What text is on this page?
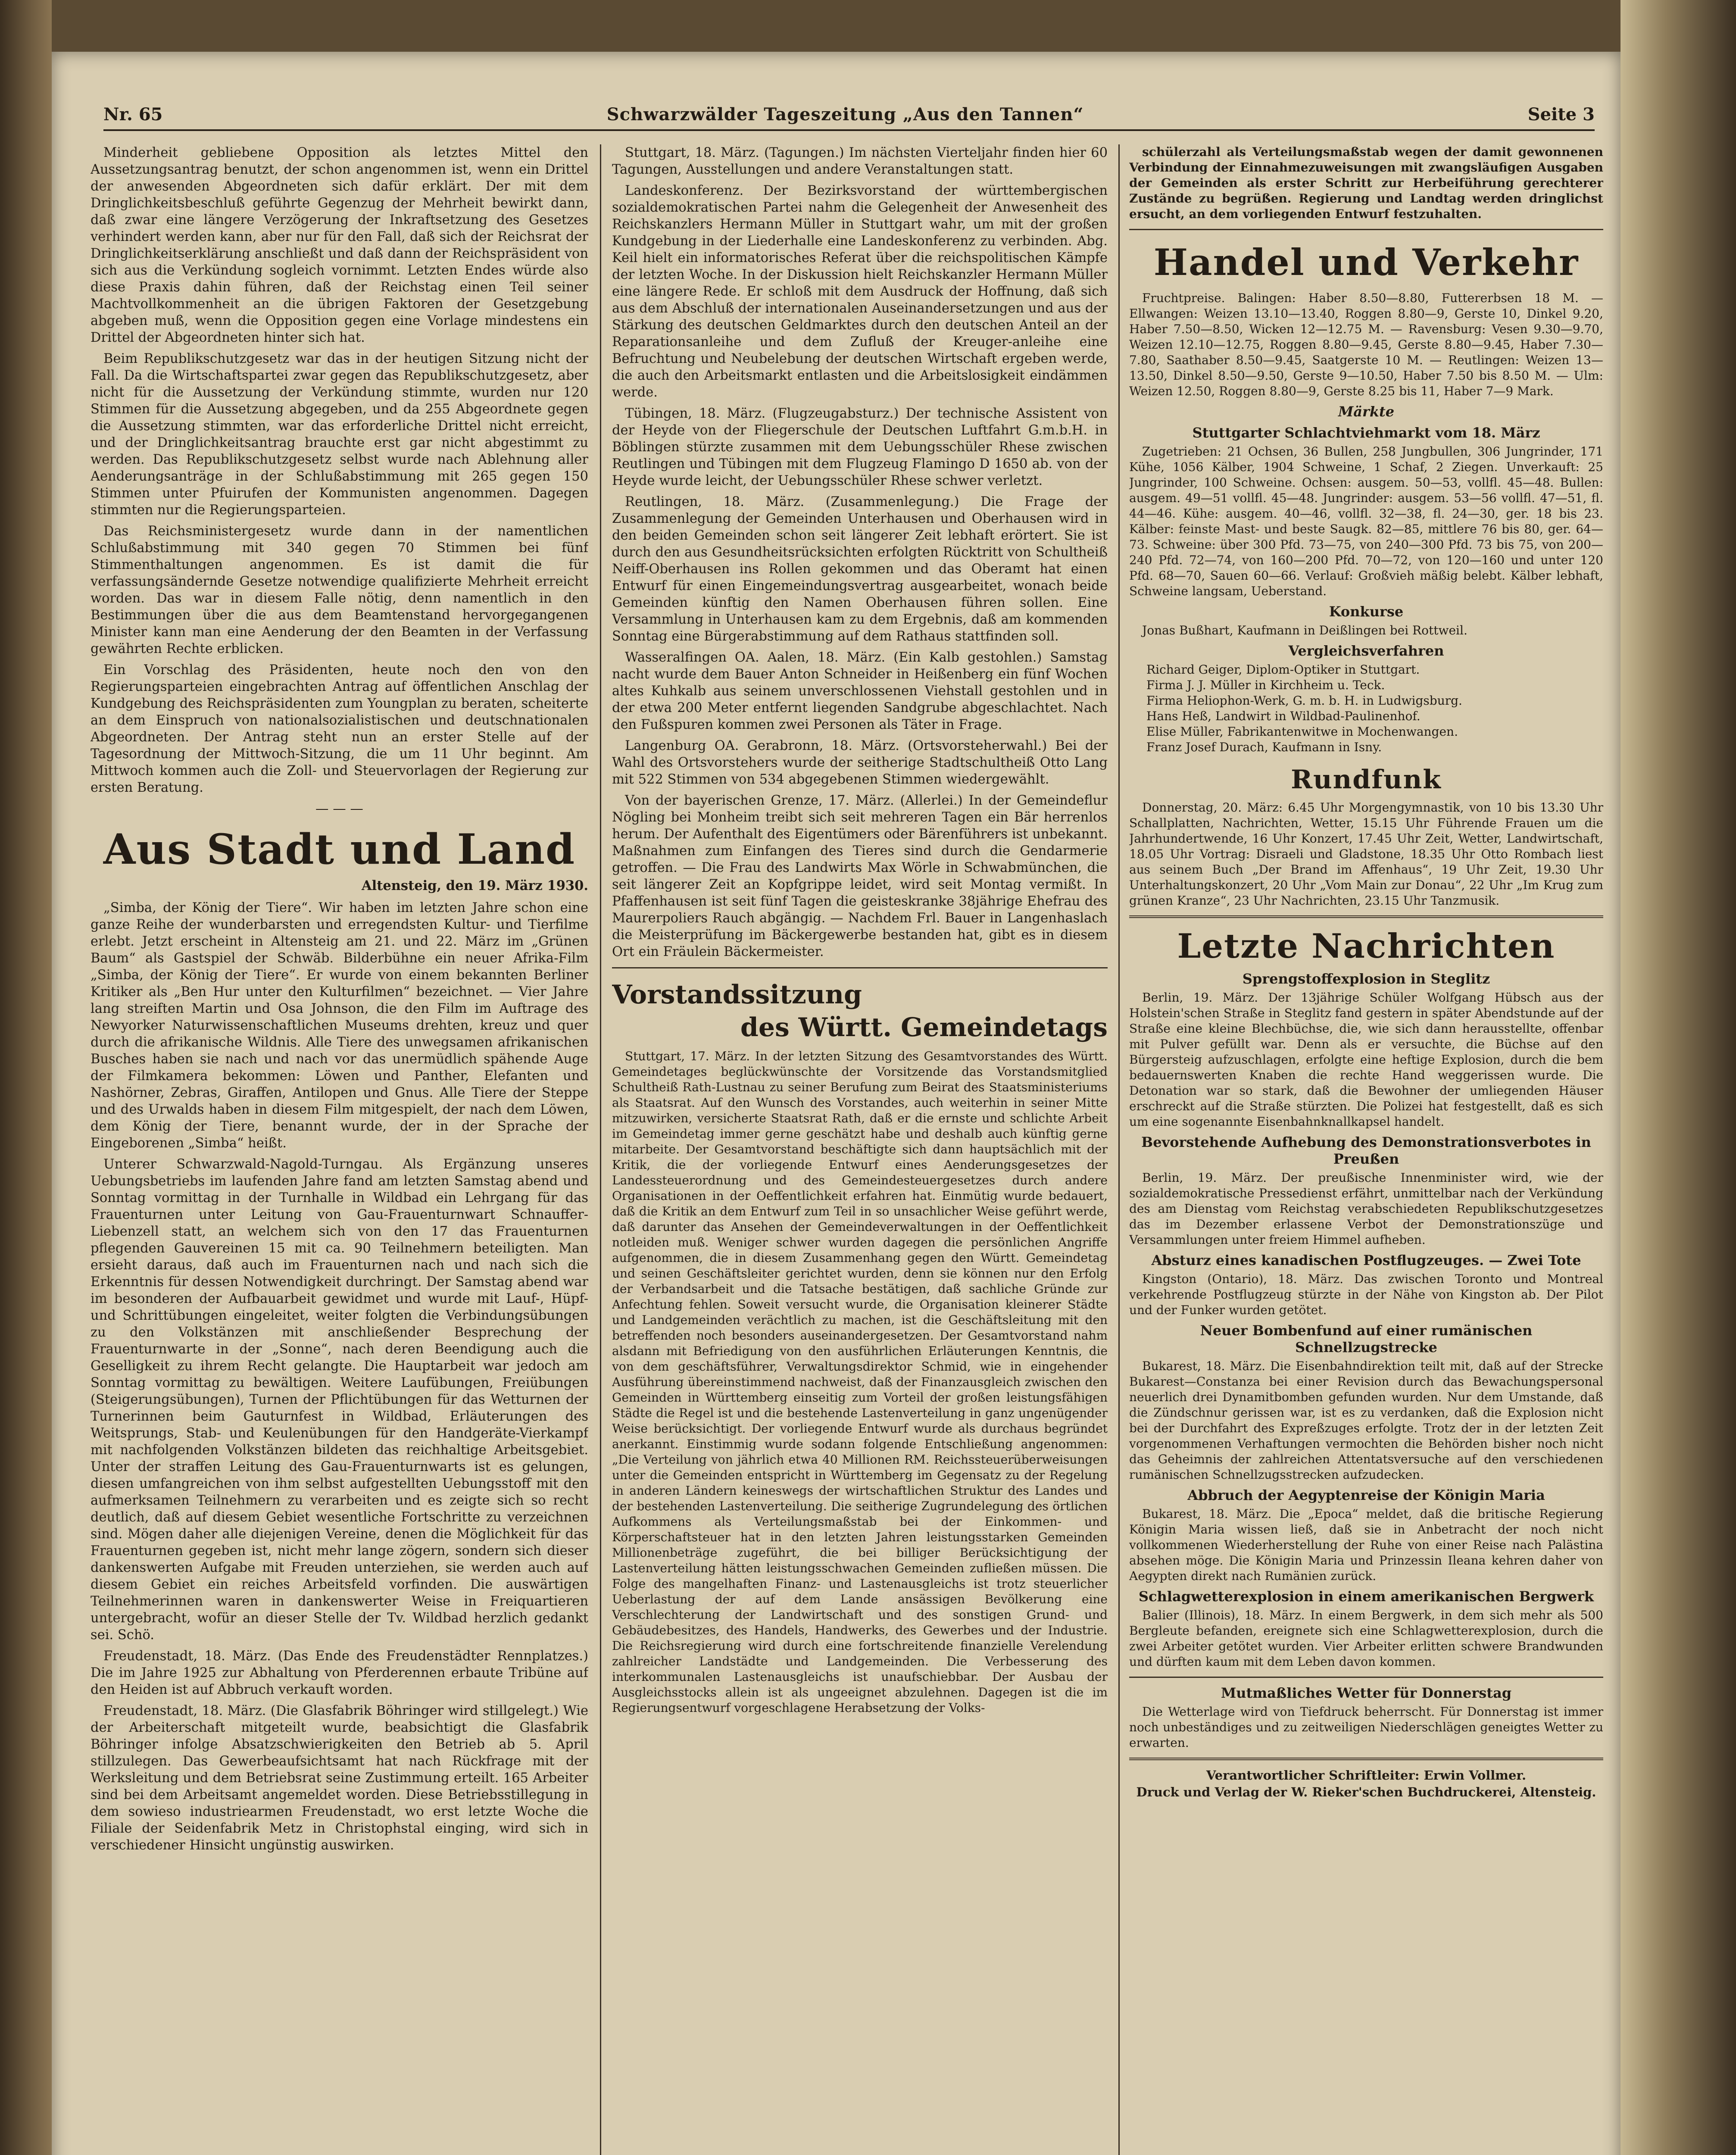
Nr. 65	Schwarzwälder Tageszeitung „Aus den Tannen“	Seite 3

Minderheit gebliebene Opposition als letztes Mittel den Aussetzungsantrag benutzt, der schon angenommen ist, wenn ein Drittel der anwesenden Abgeordneten sich dafür erklärt. Der mit dem Dringlichkeitsbeschluß geführte Gegenzug der Mehrheit bewirkt dann, daß zwar eine längere Verzögerung der Inkraftsetzung des Gesetzes verhindert werden kann, aber nur für den Fall, daß sich der Reichsrat der Dringlichkeitserklärung anschließt und daß dann der Reichspräsident von sich aus die Verkündung sogleich vornimmt. Letzten Endes würde also diese Praxis dahin führen, daß der Reichstag einen Teil seiner Machtvollkommenheit an die übrigen Faktoren der Gesetzgebung abgeben muß, wenn die Opposition gegen eine Vorlage mindestens ein Drittel der Abgeordneten hinter sich hat.

Beim Republikschutzgesetz war das in der heutigen Sitzung nicht der Fall. Da die Wirtschaftspartei zwar gegen das Republikschutzgesetz, aber nicht für die Aussetzung der Verkündung stimmte, wurden nur 120 Stimmen für die Aussetzung abgegeben, und da 255 Abgeordnete gegen die Aussetzung stimmten, war das erforderliche Drittel nicht erreicht, und der Dringlichkeitsantrag brauchte erst gar nicht abgestimmt zu werden. Das Republikschutzgesetz selbst wurde nach Ablehnung aller Aenderungsanträge in der Schlußabstimmung mit 265 gegen 150 Stimmen unter Pfuirufen der Kommunisten angenommen. Dagegen stimmten nur die Regierungsparteien.

Das Reichsministergesetz wurde dann in der namentlichen Schlußabstimmung mit 340 gegen 70 Stimmen bei fünf Stimmenthaltungen angenommen. Es ist damit die für verfassungsändernde Gesetze notwendige qualifizierte Mehrheit erreicht worden. Das war in diesem Falle nötig, denn namentlich in den Bestimmungen über die aus dem Beamtenstand hervorgegangenen Minister kann man eine Aenderung der den Beamten in der Verfassung gewährten Rechte erblicken.

Ein Vorschlag des Präsidenten, heute noch den von den Regierungsparteien eingebrachten Antrag auf öffentlichen Anschlag der Kundgebung des Reichspräsidenten zum Youngplan zu beraten, scheiterte an dem Einspruch von nationalsozialistischen und deutschnationalen Abgeordneten. Der Antrag steht nun an erster Stelle auf der Tagesordnung der Mittwoch-Sitzung, die um 11 Uhr beginnt. Am Mittwoch kommen auch die Zoll- und Steuervorlagen der Regierung zur ersten Beratung.

— — —
Aus Stadt und Land
Altensteig, den 19. März 1930.

„Simba, der König der Tiere“. Wir haben im letzten Jahre schon eine ganze Reihe der wunderbarsten und erregendsten Kultur- und Tierfilme erlebt. Jetzt erscheint in Altensteig am 21. und 22. März im „Grünen Baum“ als Gastspiel der Schwäb. Bilderbühne ein neuer Afrika-Film „Simba, der König der Tiere“. Er wurde von einem bekannten Berliner Kritiker als „Ben Hur unter den Kulturfilmen“ bezeichnet. — Vier Jahre lang streiften Martin und Osa Johnson, die den Film im Auftrage des Newyorker Naturwissenschaftlichen Museums drehten, kreuz und quer durch die afrikanische Wildnis. Alle Tiere des unwegsamen afrikanischen Busches haben sie nach und nach vor das unermüdlich spähende Auge der Filmkamera bekommen: Löwen und Panther, Elefanten und Nashörner, Zebras, Giraffen, Antilopen und Gnus. Alle Tiere der Steppe und des Urwalds haben in diesem Film mitgespielt, der nach dem Löwen, dem König der Tiere, benannt wurde, der in der Sprache der Eingeborenen „Simba“ heißt.

Unterer Schwarzwald-Nagold-Turngau. Als Ergänzung unseres Uebungsbetriebs im laufenden Jahre fand am letzten Samstag abend und Sonntag vormittag in der Turnhalle in Wildbad ein Lehrgang für das Frauenturnen unter Leitung von Gau-Frauenturnwart Schnauffer-Liebenzell statt, an welchem sich von den 17 das Frauenturnen pflegenden Gauvereinen 15 mit ca. 90 Teilnehmern beteiligten. Man ersieht daraus, daß auch im Frauenturnen nach und nach sich die Erkenntnis für dessen Notwendigkeit durchringt. Der Samstag abend war im besonderen der Aufbauarbeit gewidmet und wurde mit Lauf-, Hüpf- und Schrittübungen eingeleitet, weiter folgten die Verbindungsübungen zu den Volkstänzen mit anschließender Besprechung der Frauenturnwarte in der „Sonne“, nach deren Beendigung auch die Geselligkeit zu ihrem Recht gelangte. Die Hauptarbeit war jedoch am Sonntag vormittag zu bewältigen. Weitere Laufübungen, Freiübungen (Steigerungsübungen), Turnen der Pflichtübungen für das Wetturnen der Turnerinnen beim Gauturnfest in Wildbad, Erläuterungen des Weitsprungs, Stab- und Keulenübungen für den Handgeräte-Vierkampf mit nachfolgenden Volkstänzen bildeten das reichhaltige Arbeitsgebiet. Unter der straffen Leitung des Gau-Frauenturnwarts ist es gelungen, diesen umfangreichen von ihm selbst aufgestellten Uebungsstoff mit den aufmerksamen Teilnehmern zu verarbeiten und es zeigte sich so recht deutlich, daß auf diesem Gebiet wesentliche Fortschritte zu verzeichnen sind. Mögen daher alle diejenigen Vereine, denen die Möglichkeit für das Frauenturnen gegeben ist, nicht mehr lange zögern, sondern sich dieser dankenswerten Aufgabe mit Freuden unterziehen, sie werden auch auf diesem Gebiet ein reiches Arbeitsfeld vorfinden. Die auswärtigen Teilnehmerinnen waren in dankenswerter Weise in Freiquartieren untergebracht, wofür an dieser Stelle der Tv. Wildbad herzlich gedankt sei. Schö.

Freudenstadt, 18. März. (Das Ende des Freudenstädter Rennplatzes.) Die im Jahre 1925 zur Abhaltung von Pferderennen erbaute Tribüne auf den Heiden ist auf Abbruch verkauft worden.

Freudenstadt, 18. März. (Die Glasfabrik Böhringer wird stillgelegt.) Wie der Arbeiterschaft mitgeteilt wurde, beabsichtigt die Glasfabrik Böhringer infolge Absatzschwierigkeiten den Betrieb ab 5. April stillzulegen. Das Gewerbeaufsichtsamt hat nach Rückfrage mit der Werksleitung und dem Betriebsrat seine Zustimmung erteilt. 165 Arbeiter sind bei dem Arbeitsamt angemeldet worden. Diese Betriebsstillegung in dem sowieso industriearmen Freudenstadt, wo erst letzte Woche die Filiale der Seidenfabrik Metz in Christophstal einging, wird sich in verschiedener Hinsicht ungünstig auswirken.

Stuttgart, 18. März. (Tagungen.) Im nächsten Vierteljahr finden hier 60 Tagungen, Ausstellungen und andere Veranstaltungen statt.

Landeskonferenz. Der Bezirksvorstand der württembergischen sozialdemokratischen Partei nahm die Gelegenheit der Anwesenheit des Reichskanzlers Hermann Müller in Stuttgart wahr, um mit der großen Kundgebung in der Liederhalle eine Landeskonferenz zu verbinden. Abg. Keil hielt ein informatorisches Referat über die reichspolitischen Kämpfe der letzten Woche. In der Diskussion hielt Reichskanzler Hermann Müller eine längere Rede. Er schloß mit dem Ausdruck der Hoffnung, daß sich aus dem Abschluß der internationalen Auseinandersetzungen und aus der Stärkung des deutschen Geldmarktes durch den deutschen Anteil an der Reparationsanleihe und dem Zufluß der Kreuger-anleihe eine Befruchtung und Neubelebung der deutschen Wirtschaft ergeben werde, die auch den Arbeitsmarkt entlasten und die Arbeitslosigkeit eindämmen werde.

Tübingen, 18. März. (Flugzeugabsturz.) Der technische Assistent von der Heyde von der Fliegerschule der Deutschen Luftfahrt G.m.b.H. in Böblingen stürzte zusammen mit dem Uebungsschüler Rhese zwischen Reutlingen und Tübingen mit dem Flugzeug Flamingo D 1650 ab. von der Heyde wurde leicht, der Uebungsschüler Rhese schwer verletzt.

Reutlingen, 18. März. (Zusammenlegung.) Die Frage der Zusammenlegung der Gemeinden Unterhausen und Oberhausen wird in den beiden Gemeinden schon seit längerer Zeit lebhaft erörtert. Sie ist durch den aus Gesundheitsrücksichten erfolgten Rücktritt von Schultheiß Neiff-Oberhausen ins Rollen gekommen und das Oberamt hat einen Entwurf für einen Eingemeindungsvertrag ausgearbeitet, wonach beide Gemeinden künftig den Namen Oberhausen führen sollen. Eine Versammlung in Unterhausen kam zu dem Ergebnis, daß am kommenden Sonntag eine Bürgerabstimmung auf dem Rathaus stattfinden soll.

Wasseralfingen OA. Aalen, 18. März. (Ein Kalb gestohlen.) Samstag nacht wurde dem Bauer Anton Schneider in Heißenberg ein fünf Wochen altes Kuhkalb aus seinem unverschlossenen Viehstall gestohlen und in der etwa 200 Meter entfernt liegenden Sandgrube abgeschlachtet. Nach den Fußspuren kommen zwei Personen als Täter in Frage.

Langenburg OA. Gerabronn, 18. März. (Ortsvorsteherwahl.) Bei der Wahl des Ortsvorstehers wurde der seitherige Stadtschultheiß Otto Lang mit 522 Stimmen von 534 abgegebenen Stimmen wiedergewählt.

Von der bayerischen Grenze, 17. März. (Allerlei.) In der Gemeindeflur Nögling bei Monheim treibt sich seit mehreren Tagen ein Bär herrenlos herum. Der Aufenthalt des Eigentümers oder Bärenführers ist unbekannt. Maßnahmen zum Einfangen des Tieres sind durch die Gendarmerie getroffen. — Die Frau des Landwirts Max Wörle in Schwabmünchen, die seit längerer Zeit an Kopfgrippe leidet, wird seit Montag vermißt. In Pfaffenhausen ist seit fünf Tagen die geisteskranke 38jährige Ehefrau des Maurerpoliers Rauch abgängig. — Nachdem Frl. Bauer in Langenhaslach die Meisterprüfung im Bäckergewerbe bestanden hat, gibt es in diesem Ort ein Fräulein Bäckermeister.

Vorstandssitzung
des Württ. Gemeindetags

Stuttgart, 17. März. In der letzten Sitzung des Gesamtvorstandes des Württ. Gemeindetages beglückwünschte der Vorsitzende das Vorstandsmitglied Schultheiß Rath-Lustnau zu seiner Berufung zum Beirat des Staatsministeriums als Staatsrat. Auf den Wunsch des Vorstandes, auch weiterhin in seiner Mitte mitzuwirken, versicherte Staatsrat Rath, daß er die ernste und schlichte Arbeit im Gemeindetag immer gerne geschätzt habe und deshalb auch künftig gerne mitarbeite. Der Gesamtvorstand beschäftigte sich dann hauptsächlich mit der Kritik, die der vorliegende Entwurf eines Aenderungsgesetzes der Landessteuerordnung und des Gemeindesteuergesetzes durch andere Organisationen in der Oeffentlichkeit erfahren hat. Einmütig wurde bedauert, daß die Kritik an dem Entwurf zum Teil in so unsachlicher Weise geführt werde, daß darunter das Ansehen der Gemeindeverwaltungen in der Oeffentlichkeit notleiden muß. Weniger schwer wurden dagegen die persönlichen Angriffe aufgenommen, die in diesem Zusammenhang gegen den Württ. Gemeindetag und seinen Geschäftsleiter gerichtet wurden, denn sie können nur den Erfolg der Verbandsarbeit und die Tatsache bestätigen, daß sachliche Gründe zur Anfechtung fehlen. Soweit versucht wurde, die Organisation kleinerer Städte und Landgemeinden verächtlich zu machen, ist die Geschäftsleitung mit den betreffenden noch besonders auseinandergesetzen. Der Gesamtvorstand nahm alsdann mit Befriedigung von den ausführlichen Erläuterungen Kenntnis, die von dem geschäftsführer, Verwaltungsdirektor Schmid, wie in eingehender Ausführung übereinstimmend nachweist, daß der Finanzausgleich zwischen den Gemeinden in Württemberg einseitig zum Vorteil der großen leistungsfähigen Städte die Regel ist und die bestehende Lastenverteilung in ganz ungenügender Weise berücksichtigt. Der vorliegende Entwurf wurde als durchaus begründet anerkannt. Einstimmig wurde sodann folgende Entschließung angenommen: „Die Verteilung von jährlich etwa 40 Millionen RM. Reichssteuerüberweisungen unter die Gemeinden entspricht in Württemberg im Gegensatz zu der Regelung in anderen Ländern keineswegs der wirtschaftlichen Struktur des Landes und der bestehenden Lastenverteilung. Die seitherige Zugrundelegung des örtlichen Aufkommens als Verteilungsmaßstab bei der Einkommen- und Körperschaftsteuer hat in den letzten Jahren leistungsstarken Gemeinden Millionenbeträge zugeführt, die bei billiger Berücksichtigung der Lastenverteilung hätten leistungsschwachen Gemeinden zufließen müssen. Die Folge des mangelhaften Finanz- und Lastenausgleichs ist trotz steuerlicher Ueberlastung der auf dem Lande ansässigen Bevölkerung eine Verschlechterung der Landwirtschaft und des sonstigen Grund- und Gebäudebesitzes, des Handels, Handwerks, des Gewerbes und der Industrie. Die Reichsregierung wird durch eine fortschreitende finanzielle Verelendung zahlreicher Landstädte und Landgemeinden. Die Verbesserung des interkommunalen Lastenausgleichs ist unaufschiebbar. Der Ausbau der Ausgleichsstocks allein ist als ungeeignet abzulehnen. Dagegen ist die im Regierungsentwurf vorgeschlagene Herabsetzung der Volks-

schülerzahl als Verteilungsmaßstab wegen der damit gewonnenen Verbindung der Einnahmezuweisungen mit zwangsläufigen Ausgaben der Gemeinden als erster Schritt zur Herbeiführung gerechterer Zustände zu begrüßen. Regierung und Landtag werden dringlichst ersucht, an dem vorliegenden Entwurf festzuhalten.

Handel und Verkehr

Fruchtpreise. Balingen: Haber 8.50—8.80, Futtererbsen 18 M. — Ellwangen: Weizen 13.10—13.40, Roggen 8.80—9, Gerste 10, Dinkel 9.20, Haber 7.50—8.50, Wicken 12—12.75 M. — Ravensburg: Vesen 9.30—9.70, Weizen 12.10—12.75, Roggen 8.80—9.45, Gerste 8.80—9.45, Haber 7.30—7.80, Saathaber 8.50—9.45, Saatgerste 10 M. — Reutlingen: Weizen 13—13.50, Dinkel 8.50—9.50, Gerste 9—10.50, Haber 7.50 bis 8.50 M. — Ulm: Weizen 12.50, Roggen 8.80—9, Gerste 8.25 bis 11, Haber 7—9 Mark.

Märkte
Stuttgarter Schlachtviehmarkt vom 18. März

Zugetrieben: 21 Ochsen, 36 Bullen, 258 Jungbullen, 306 Jungrinder, 171 Kühe, 1056 Kälber, 1904 Schweine, 1 Schaf, 2 Ziegen. Unverkauft: 25 Jungrinder, 100 Schweine. Ochsen: ausgem. 50—53, vollfl. 45—48. Bullen: ausgem. 49—51 vollfl. 45—48. Jungrinder: ausgem. 53—56 vollfl. 47—51, fl. 44—46. Kühe: ausgem. 40—46, vollfl. 32—38, fl. 24—30, ger. 18 bis 23. Kälber: feinste Mast- und beste Saugk. 82—85, mittlere 76 bis 80, ger. 64—73. Schweine: über 300 Pfd. 73—75, von 240—300 Pfd. 73 bis 75, von 200—240 Pfd. 72—74, von 160—200 Pfd. 70—72, von 120—160 und unter 120 Pfd. 68—70, Sauen 60—66. Verlauf: Großvieh mäßig belebt. Kälber lebhaft, Schweine langsam, Ueberstand.

Konkurse

Jonas Bußhart, Kaufmann in Deißlingen bei Rottweil.

Vergleichsverfahren
Richard Geiger, Diplom-Optiker in Stuttgart.
Firma J. J. Müller in Kirchheim u. Teck.
Firma Heliophon-Werk, G. m. b. H. in Ludwigsburg.
Hans Heß, Landwirt in Wildbad-Paulinenhof.
Elise Müller, Fabrikantenwitwe in Mochenwangen.
Franz Josef Durach, Kaufmann in Isny.
Rundfunk

Donnerstag, 20. März: 6.45 Uhr Morgengymnastik, von 10 bis 13.30 Uhr Schallplatten, Nachrichten, Wetter, 15.15 Uhr Führende Frauen um die Jahrhundertwende, 16 Uhr Konzert, 17.45 Uhr Zeit, Wetter, Landwirtschaft, 18.05 Uhr Vortrag: Disraeli und Gladstone, 18.35 Uhr Otto Rombach liest aus seinem Buch „Der Brand im Affenhaus“, 19 Uhr Zeit, 19.30 Uhr Unterhaltungskonzert, 20 Uhr „Vom Main zur Donau“, 22 Uhr „Im Krug zum grünen Kranze“, 23 Uhr Nachrichten, 23.15 Uhr Tanzmusik.

Letzte Nachrichten
Sprengstoffexplosion in Steglitz

Berlin, 19. März. Der 13jährige Schüler Wolfgang Hübsch aus der Holstein'schen Straße in Steglitz fand gestern in später Abendstunde auf der Straße eine kleine Blechbüchse, die, wie sich dann herausstellte, offenbar mit Pulver gefüllt war. Denn als er versuchte, die Büchse auf den Bürgersteig aufzuschlagen, erfolgte eine heftige Explosion, durch die bem bedauernswerten Knaben die rechte Hand weggerissen wurde. Die Detonation war so stark, daß die Bewohner der umliegenden Häuser erschreckt auf die Straße stürzten. Die Polizei hat festgestellt, daß es sich um eine sogenannte Eisenbahnknallkapsel handelt.

Bevorstehende Aufhebung des Demonstrationsverbotes in Preußen

Berlin, 19. März. Der preußische Innenminister wird, wie der sozialdemokratische Pressedienst erfährt, unmittelbar nach der Verkündung des am Dienstag vom Reichstag verabschiedeten Republikschutzgesetzes das im Dezember erlassene Verbot der Demonstrationszüge und Versammlungen unter freiem Himmel aufheben.

Absturz eines kanadischen Postflugzeuges. — Zwei Tote

Kingston (Ontario), 18. März. Das zwischen Toronto und Montreal verkehrende Postflugzeug stürzte in der Nähe von Kingston ab. Der Pilot und der Funker wurden getötet.

Neuer Bombenfund auf einer rumänischen Schnellzugstrecke

Bukarest, 18. März. Die Eisenbahndirektion teilt mit, daß auf der Strecke Bukarest—Constanza bei einer Revision durch das Bewachungspersonal neuerlich drei Dynamitbomben gefunden wurden. Nur dem Umstande, daß die Zündschnur gerissen war, ist es zu verdanken, daß die Explosion nicht bei der Durchfahrt des Expreßzuges erfolgte. Trotz der in der letzten Zeit vorgenommenen Verhaftungen vermochten die Behörden bisher noch nicht das Geheimnis der zahlreichen Attentatsversuche auf den verschiedenen rumänischen Schnellzugsstrecken aufzudecken.

Abbruch der Aegyptenreise der Königin Maria

Bukarest, 18. März. Die „Epoca“ meldet, daß die britische Regierung Königin Maria wissen ließ, daß sie in Anbetracht der noch nicht vollkommenen Wiederherstellung der Ruhe von einer Reise nach Palästina absehen möge. Die Königin Maria und Prinzessin Ileana kehren daher von Aegypten direkt nach Rumänien zurück.

Schlagwetterexplosion in einem amerikanischen Bergwerk

Balier (Illinois), 18. März. In einem Bergwerk, in dem sich mehr als 500 Bergleute befanden, ereignete sich eine Schlagwetterexplosion, durch die zwei Arbeiter getötet wurden. Vier Arbeiter erlitten schwere Brandwunden und dürften kaum mit dem Leben davon kommen.

Mutmaßliches Wetter für Donnerstag

Die Wetterlage wird von Tiefdruck beherrscht. Für Donnerstag ist immer noch unbeständiges und zu zeitweiligen Niederschlägen geneigtes Wetter zu erwarten.

Verantwortlicher Schriftleiter: Erwin Vollmer.
Druck und Verlag der W. Rieker'schen Buchdruckerei, Altensteig.
